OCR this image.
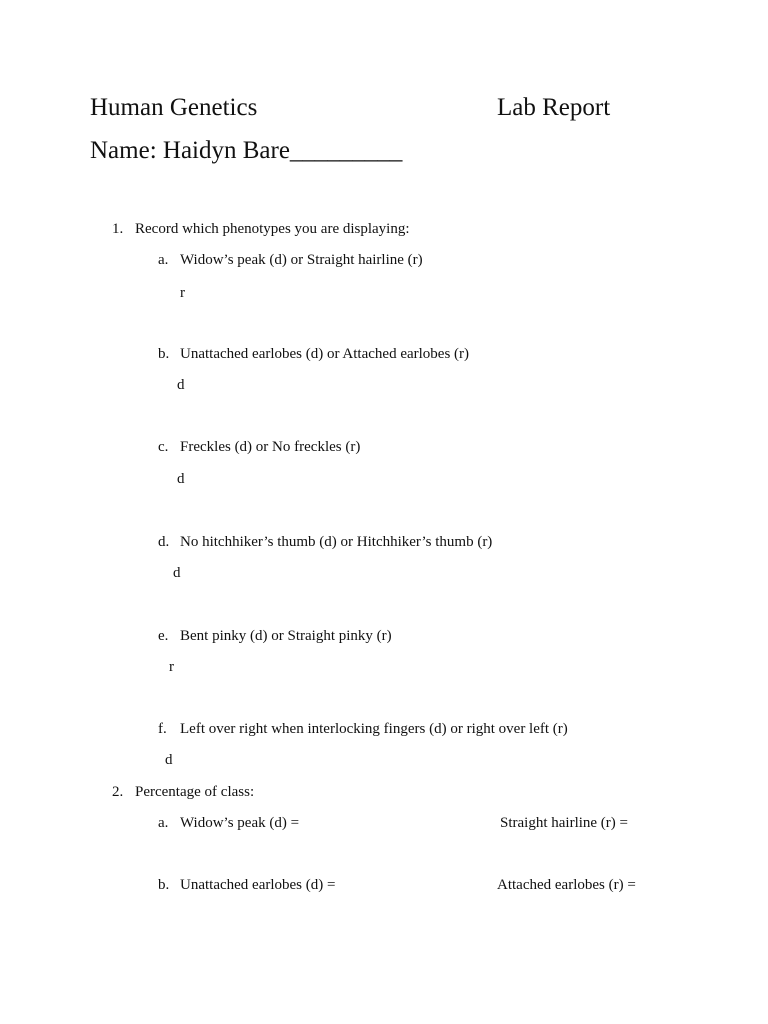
Human Genetics	Lab Report
Name: Haidyn Bare_________
1. Record which phenotypes you are displaying:
a. Widow’s peak (d) or Straight hairline (r)
r
b. Unattached earlobes (d) or Attached earlobes (r)
d
c. Freckles (d) or No freckles (r)
d
d. No hitchhiker’s thumb (d) or Hitchhiker’s thumb (r)
d
e. Bent pinky (d) or Straight pinky (r)
r
f. Left over right when interlocking fingers (d) or right over left (r)
d
2. Percentage of class:
a. Widow’s peak (d) =	Straight hairline (r) =
b. Unattached earlobes (d) =	Attached earlobes (r) =
